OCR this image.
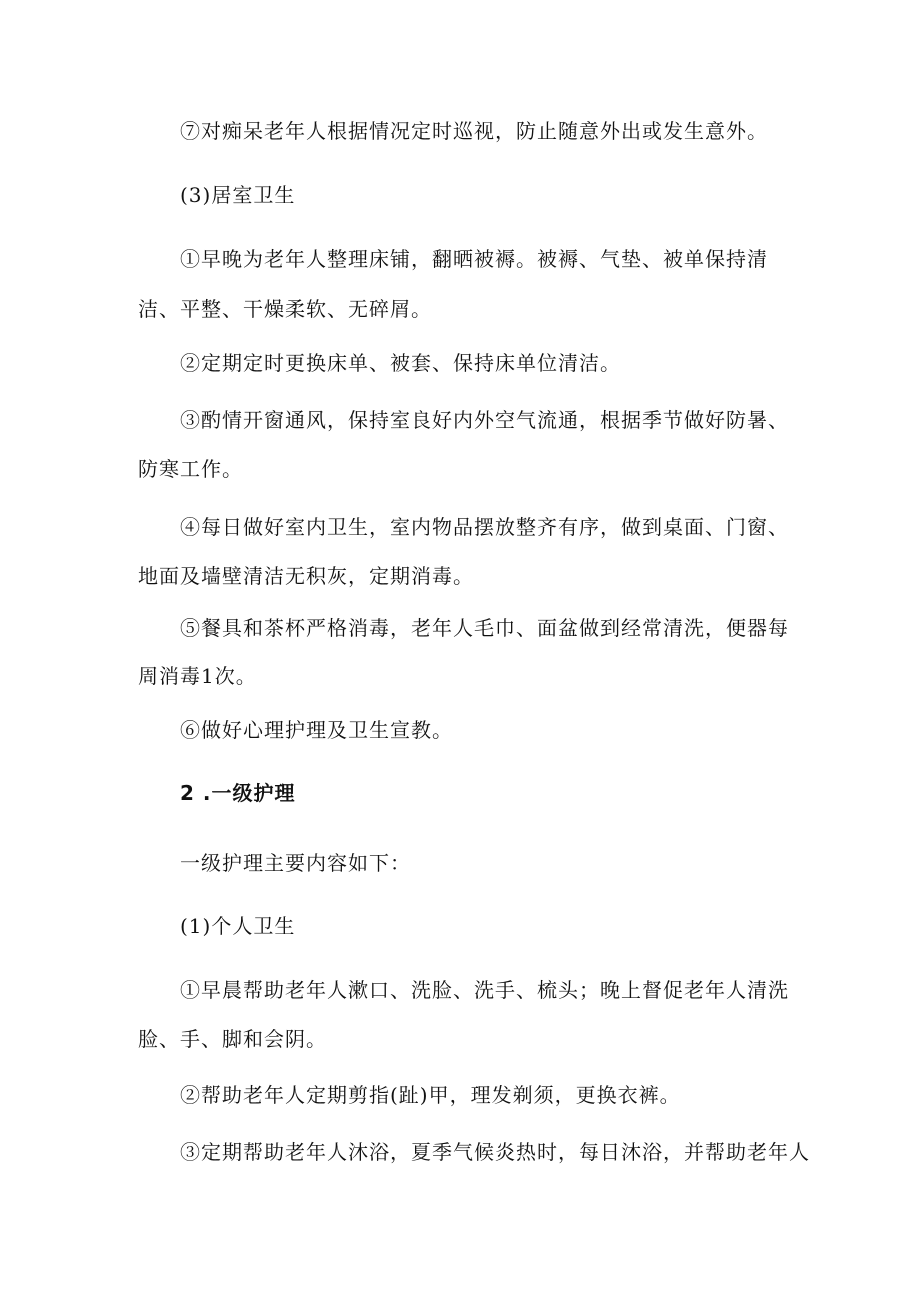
⑦对痴呆老年人根据情况定时巡视，防止随意外出或发生意外。
(3)居室卫生
①早晚为老年人整理床铺，翻晒被褥。被褥、气垫、被单保持清
洁、平整、干燥柔软、无碎屑。
②定期定时更换床单、被套、保持床单位清洁。
③酌情开窗通风，保持室良好内外空气流通，根据季节做好防暑、
防寒工作。
④每日做好室内卫生，室内物品摆放整齐有序，做到桌面、门窗、
地面及墙壁清洁无积灰，定期消毒。
⑤餐具和茶杯严格消毒，老年人毛巾、面盆做到经常清洗，便器每
周消毒1次。
⑥做好心理护理及卫生宣教。
2 .一级护理
一级护理主要内容如下：
(1)个人卫生
①早晨帮助老年人漱口、洗脸、洗手、梳头；晚上督促老年人清洗
脸、手、脚和会阴。
②帮助老年人定期剪指(趾)甲，理发剃须，更换衣裤。
③定期帮助老年人沐浴，夏季气候炎热时，每日沐浴，并帮助老年人
